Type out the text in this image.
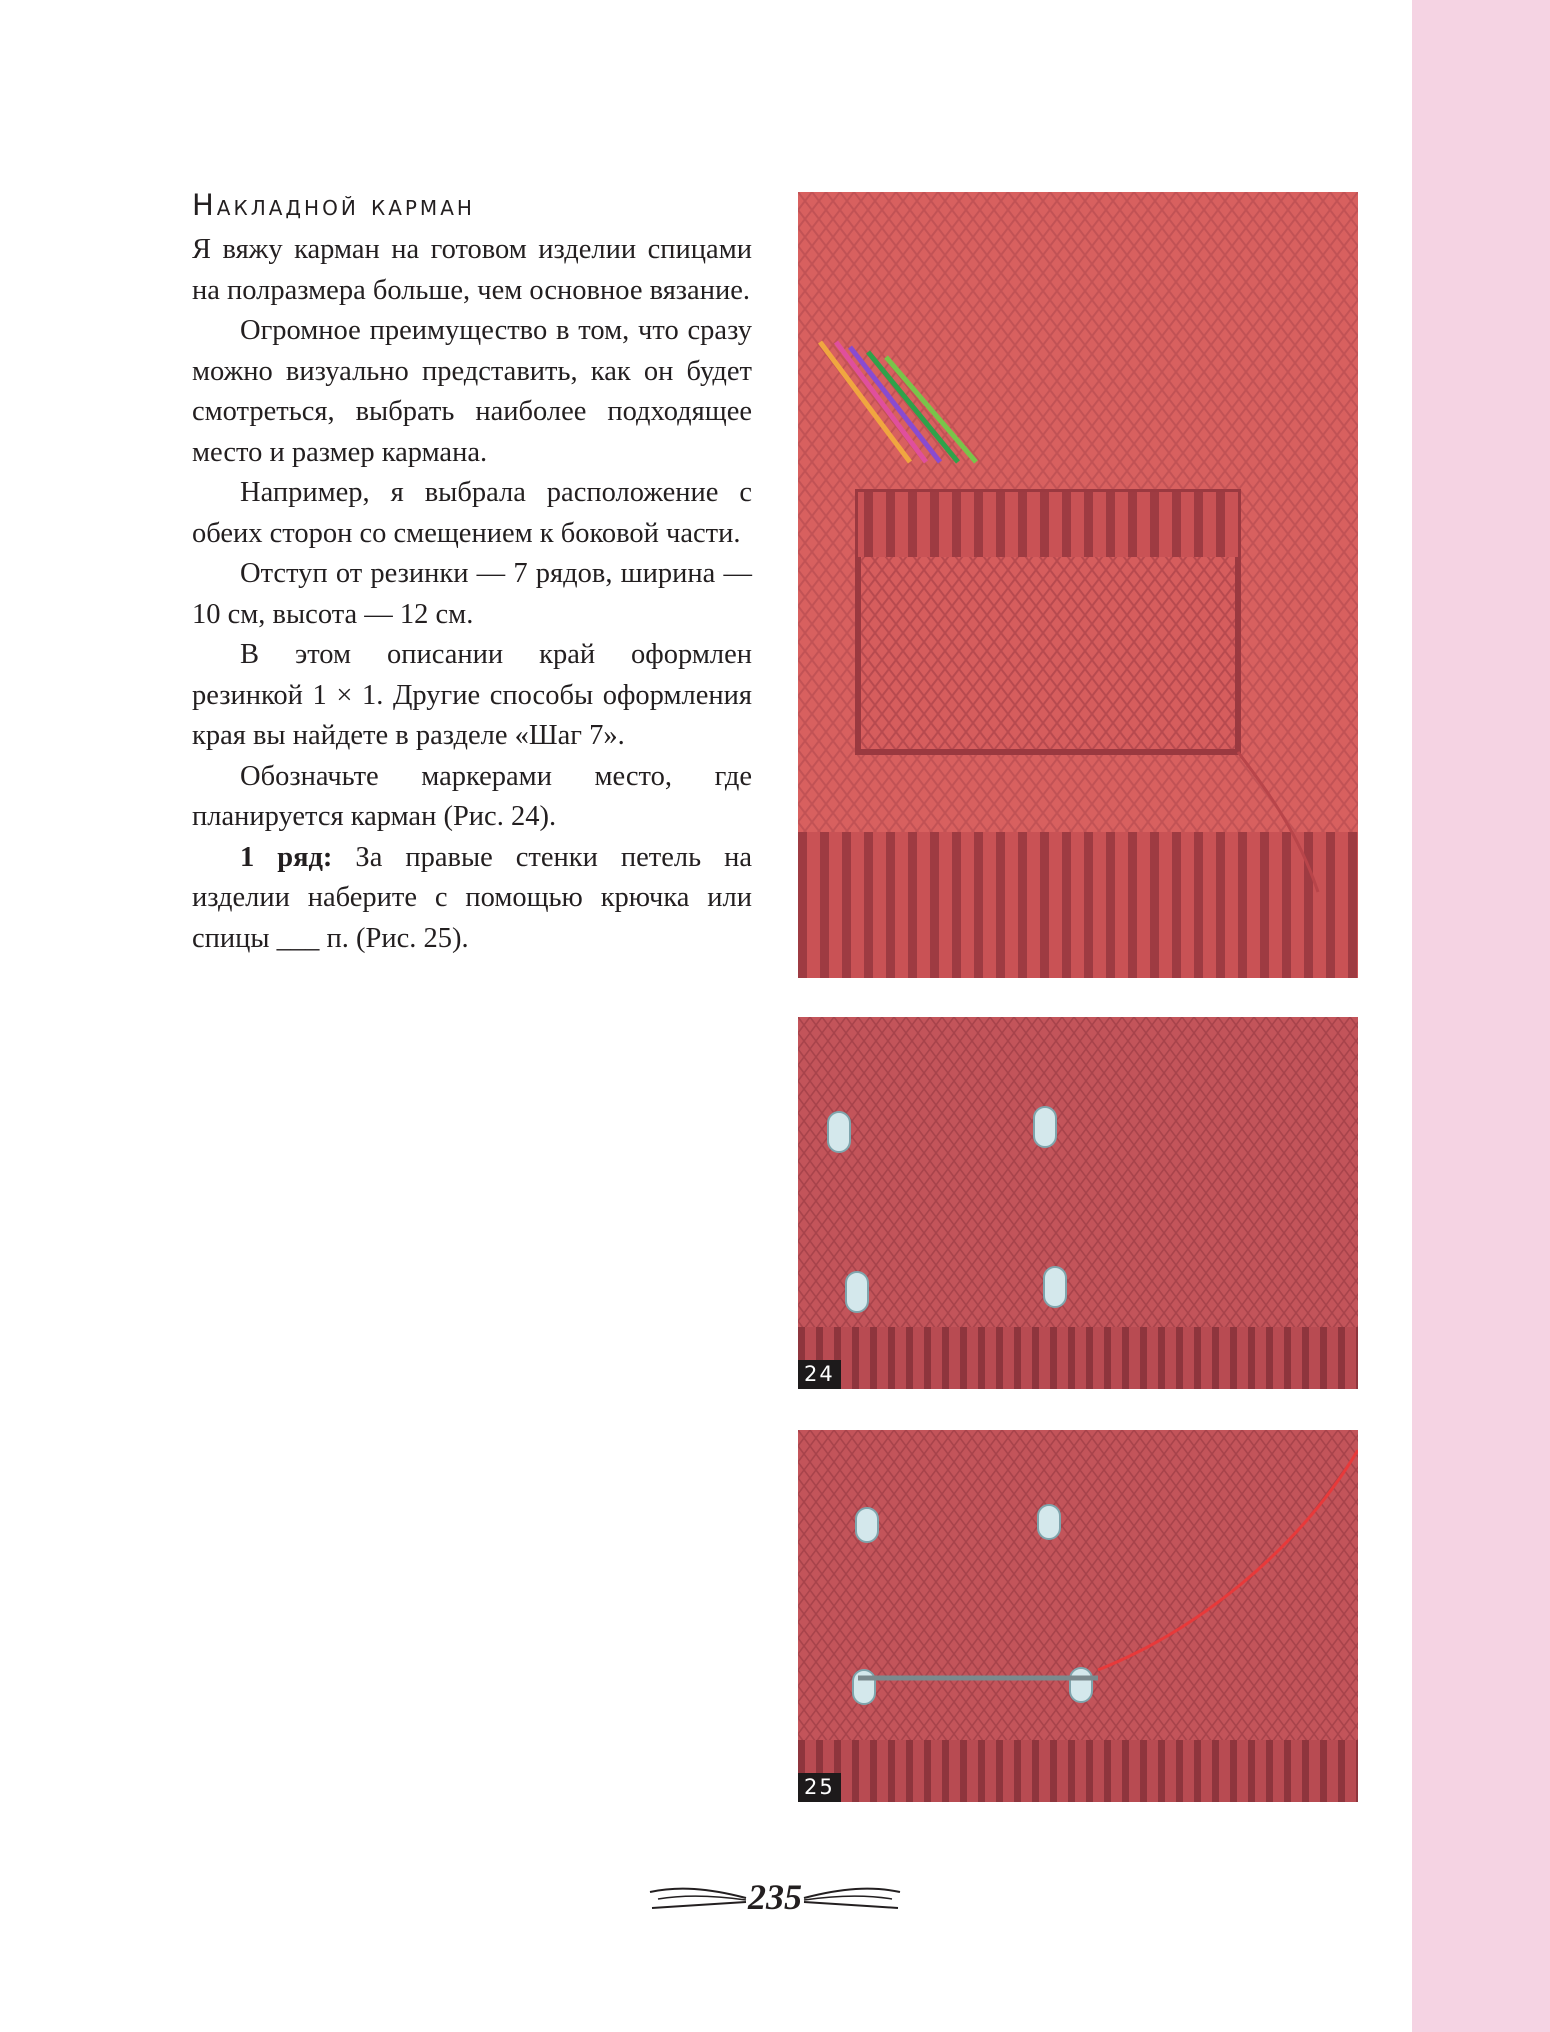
Накладной карман

Я вяжу карман на готовом изделии спицами на полразмера больше, чем основное вязание.

Огромное преимущество в том, что сразу можно визуально представить, как он будет смотреться, выбрать наиболее подходящее место и размер кармана.

Например, я выбрала расположение с обеих сторон со смещением к боковой части.

Отступ от резинки — 7 рядов, ширина — 10 см, высота — 12 см.

В этом описании край оформлен резинкой 1 × 1. Другие способы оформления края вы найдете в разделе «Шаг 7».

Обозначьте маркерами место, где планируется карман (Рис. 24).

1 ряд: За правые стенки петель на изделии наберите с помощью крючка или спицы ___ п. (Рис. 25).

24
25
235
